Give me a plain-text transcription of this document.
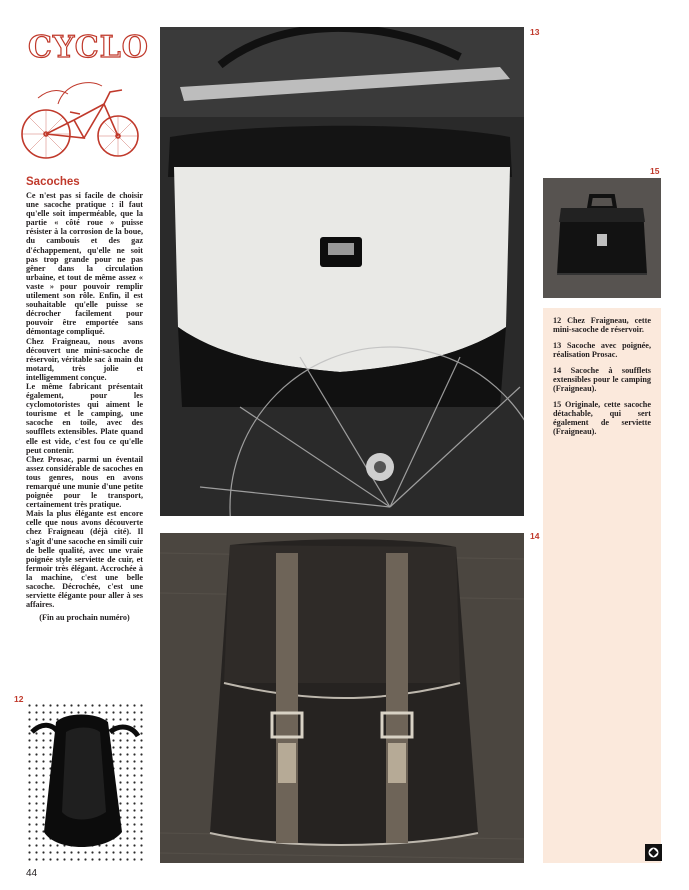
CYCLO
Sacoches

Ce n'est pas si facile de choisir une sacoche pratique : il faut qu'elle soit imperméable, que la partie « côté roue » puisse résister à la corrosion de la boue, du cambouis et des gaz d'échappement, qu'elle ne soit pas trop grande pour ne pas gêner dans la circulation urbaine, et tout de même assez « vaste » pour pouvoir remplir utilement son rôle. Enfin, il est souhaitable qu'elle puisse se décrocher facilement pour pouvoir être emportée sans démontage compliqué.

Chez Fraigneau, nous avons découvert une mini-sacoche de réservoir, véritable sac à main du motard, très jolie et intelligemment conçue.

Le même fabricant présentait également, pour les cyclomotoristes qui aiment le tourisme et le camping, une sacoche en toile, avec des soufflets extensibles. Plate quand elle est vide, c'est fou ce qu'elle peut contenir.

Chez Prosac, parmi un éventail assez considérable de sacoches en tous genres, nous en avons remarqué une munie d'une petite poignée pour le transport, certainement très pratique.

Mais la plus élégante est encore celle que nous avons découverte chez Fraigneau (déjà cité). Il s'agit d'une sacoche en simili cuir de belle qualité, avec une vraie poignée style serviette de cuir, et fermoir très élégant. Accrochée à la machine, c'est une belle sacoche. Décrochée, c'est une serviette élégante pour aller à ses affaires.

(Fin au prochain numéro)

13
14
15
12

12 Chez Fraigneau, cette mini-sacoche de réservoir.

13 Sacoche avec poignée, réalisation Prosac.

14 Sacoche à soufflets extensibles pour le camping (Fraigneau).

15 Originale, cette sacoche détachable, qui sert également de serviette (Fraigneau).

44
